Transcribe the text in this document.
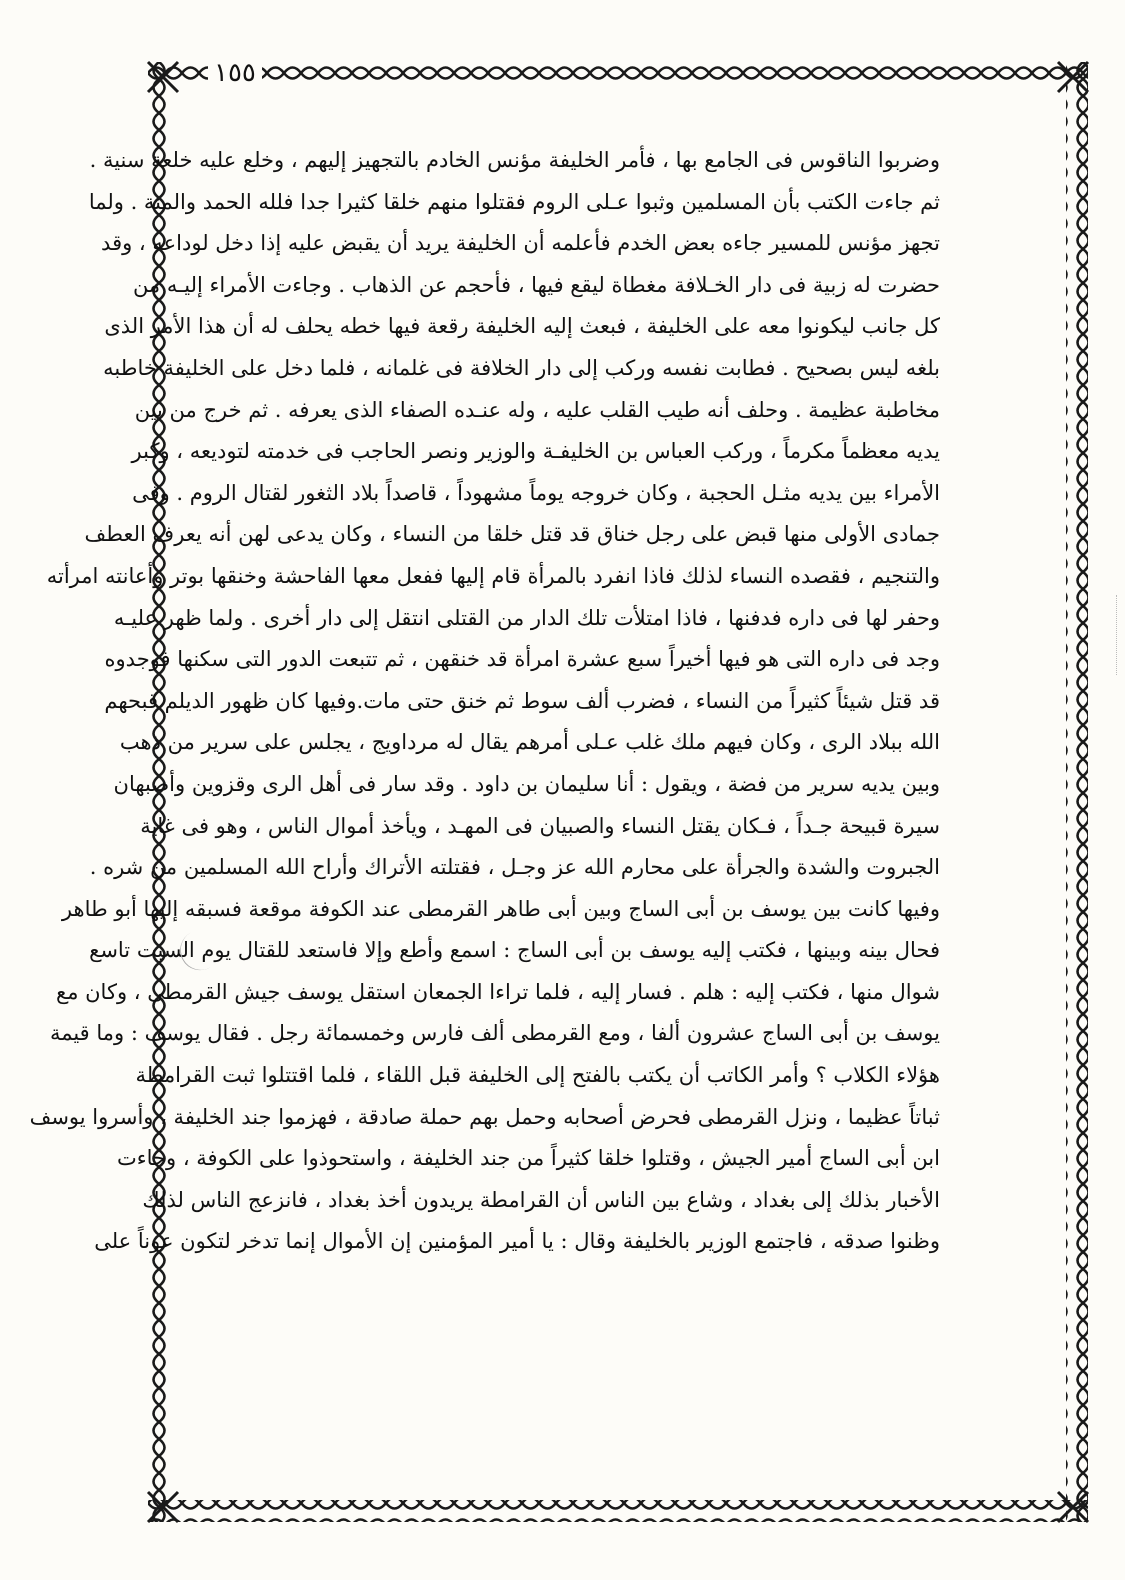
١٥٥
وضربوا الناقوس فى الجامع بها ، فأمر الخليفة مؤنس الخادم بالتجهيز إليهم ، وخلع عليه خلعة سنية .
ثم جاءت الكتب بأن المسلمين وثبوا عـلى الروم فقتلوا منهم خلقا كثيرا جدا فلله الحمد والمنة . ولما
تجهز مؤنس للمسير جاءه بعض الخدم فأعلمه أن الخليفة يريد أن يقبض عليه إذا دخل لوداعه ، وقد
حضرت له زبية فى دار الخـلافة مغطاة ليقع فيها ، فأحجم عن الذهاب . وجاءت الأمراء إليـه من
كل جانب ليكونوا معه على الخليفة ، فبعث إليه الخليفة رقعة فيها خطه يحلف له أن هذا الأمر الذى
بلغه ليس بصحيح . فطابت نفسه وركب إلى دار الخلافة فى غلمانه ، فلما دخل على الخليفة خاطبه
مخاطبة عظيمة . وحلف أنه طيب القلب عليه ، وله عنـده الصفاء الذى يعرفه . ثم خرج من بين
يديه معظماً مكرماً ، وركب العباس بن الخليفـة والوزير ونصر الحاجب فى خدمته لتوديعه ، وكبر
الأمراء بين يديه مثـل الحجبة ، وكان خروجه يوماً مشهوداً ، قاصداً بلاد الثغور لقتال الروم . وفى
جمادى الأولى منها قبض على رجل خناق قد قتل خلقا من النساء ، وكان يدعى لهن أنه يعرف العطف
والتنجيم ، فقصده النساء لذلك فاذا انفرد بالمرأة قام إليها ففعل معها الفاحشة وخنقها بوتر وأعانته امرأته
وحفر لها فى داره فدفنها ، فاذا امتلأت تلك الدار من القتلى انتقل إلى دار أخرى . ولما ظهر عليـه
وجد فى داره التى هو فيها أخيراً سبع عشرة امرأة قد خنقهن ، ثم تتبعت الدور التى سكنها فوجدوه
قد قتل شيئاً كثيراً من النساء ، فضرب ألف سوط ثم خنق حتى مات.وفيها كان ظهور الديلم قبحهم
الله ببلاد الرى ، وكان فيهم ملك غلب عـلى أمرهم يقال له مرداويج ، يجلس على سرير من ذهب
وبين يديه سرير من فضة ، ويقول : أنا سليمان بن داود . وقد سار فى أهل الرى وقزوين وأصبهان
سيرة قبيحة جـداً ، فـكان يقتل النساء والصبيان فى المهـد ، ويأخذ أموال الناس ، وهو فى غاية
الجبروت والشدة والجرأة على محارم الله عز وجـل ، فقتلته الأتراك وأراح الله المسلمين من شره .
وفيها كانت بين يوسف بن أبى الساج وبين أبى طاهر القرمطى عند الكوفة موقعة فسبقه إليها أبو طاهر
فحال بينه وبينها ، فكتب إليه يوسف بن أبى الساج : اسمع وأطع وإلا فاستعد للقتال يوم السبت تاسع
شوال منها ، فكتب إليه : هلم . فسار إليه ، فلما تراءا الجمعان استقل يوسف جيش القرمطى ، وكان مع
يوسف بن أبى الساج عشرون ألفا ، ومع القرمطى ألف فارس وخمسمائة رجل . فقال يوسف : وما قيمة
هؤلاء الكلاب ؟ وأمر الكاتب أن يكتب بالفتح إلى الخليفة قبل اللقاء ، فلما اقتتلوا ثبت القرامطة
ثباتاً عظيما ، ونزل القرمطى فحرض أصحابه وحمل بهم حملة صادقة ، فهزموا جند الخليفة ، وأسروا يوسف
ابن أبى الساج أمير الجيش ، وقتلوا خلقا كثيراً من جند الخليفة ، واستحوذوا على الكوفة ، وجاءت
الأخبار بذلك إلى بغداد ، وشاع بين الناس أن القرامطة يريدون أخذ بغداد ، فانزعج الناس لذلك
وظنوا صدقه ، فاجتمع الوزير بالخليفة وقال : يا أمير المؤمنين إن الأموال إنما تدخر لتكون عوناً على
